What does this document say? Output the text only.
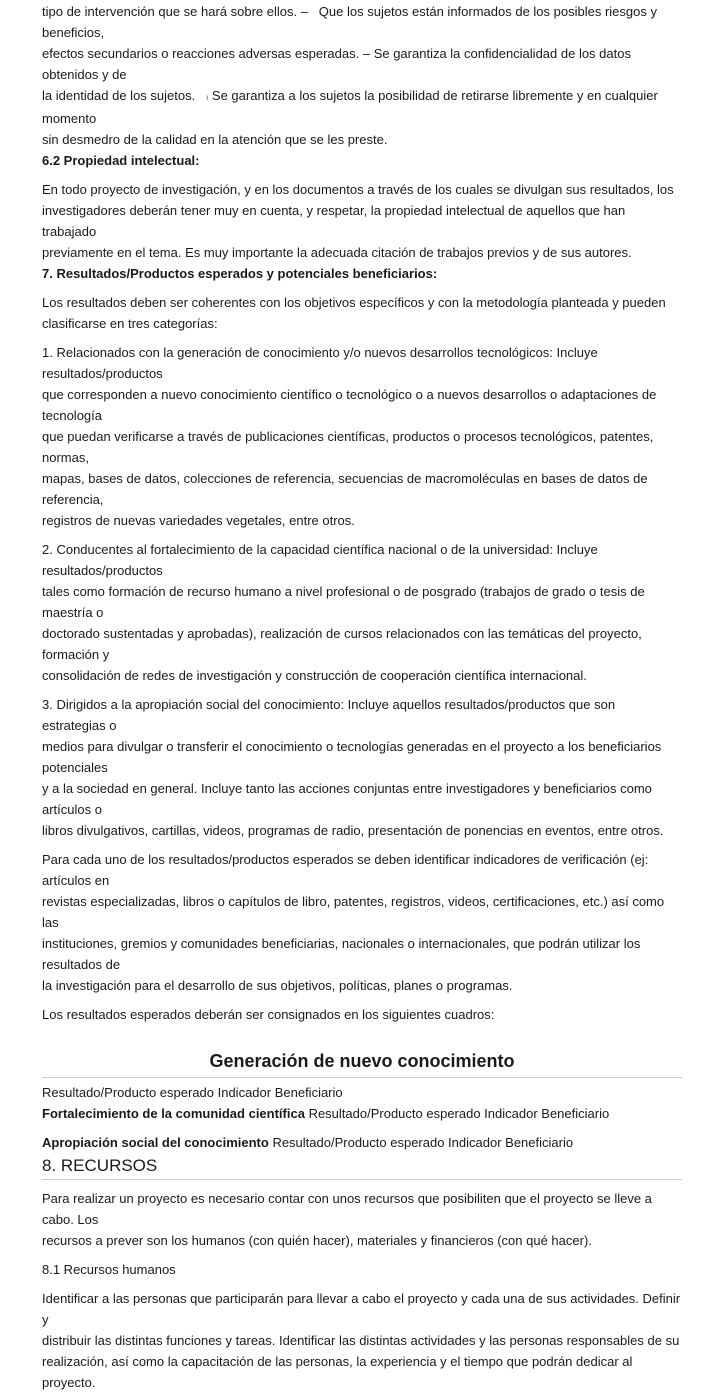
tipo de intervención que se hará sobre ellos. – Que los sujetos están informados de los posibles riesgos y beneficios,

efectos secundarios o reacciones adversas esperadas. – Se garantiza la confidencialidad de los datos obtenidos y de

la identidad de los sujetos. ı Se garantiza a los sujetos la posibilidad de retirarse libremente y en cualquier momento

sin desmedro de la calidad en la atención que se les preste.

6.2 Propiedad intelectual:

En todo proyecto de investigación, y en los documentos a través de los cuales se divulgan sus resultados, los

investigadores deberán tener muy en cuenta, y respetar, la propiedad intelectual de aquellos que han trabajado

previamente en el tema. Es muy importante la adecuada citación de trabajos previos y de sus autores.

7. Resultados/Productos esperados y potenciales beneficiarios:

Los resultados deben ser coherentes con los objetivos específicos y con la metodología planteada y pueden

clasificarse en tres categorías:

1. Relacionados con la generación de conocimiento y/o nuevos desarrollos tecnológicos: Incluye resultados/productos

que corresponden a nuevo conocimiento científico o tecnológico o a nuevos desarrollos o adaptaciones de tecnología

que puedan verificarse a través de publicaciones científicas, productos o procesos tecnológicos, patentes, normas,

mapas, bases de datos, colecciones de referencia, secuencias de macromoléculas en bases de datos de referencia,

registros de nuevas variedades vegetales, entre otros.

2. Conducentes al fortalecimiento de la capacidad científica nacional o de la universidad: Incluye resultados/productos

tales como formación de recurso humano a nivel profesional o de posgrado (trabajos de grado o tesis de maestría o

doctorado sustentadas y aprobadas), realización de cursos relacionados con las temáticas del proyecto, formación y

consolidación de redes de investigación y construcción de cooperación científica internacional.

3. Dirigidos a la apropiación social del conocimiento: Incluye aquellos resultados/productos que son estrategias o

medios para divulgar o transferir el conocimiento o tecnologías generadas en el proyecto a los beneficiarios potenciales

y a la sociedad en general. Incluye tanto las acciones conjuntas entre investigadores y beneficiarios como artículos o

libros divulgativos, cartillas, videos, programas de radio, presentación de ponencias en eventos, entre otros.

Para cada uno de los resultados/productos esperados se deben identificar indicadores de verificación (ej: artículos en

revistas especializadas, libros o capítulos de libro, patentes, registros, videos, certificaciones, etc.) así como las

instituciones, gremios y comunidades beneficiarias, nacionales o internacionales, que podrán utilizar los resultados de

la investigación para el desarrollo de sus objetivos, políticas, planes o programas.

Los resultados esperados deberán ser consignados en los siguientes cuadros:

Generación de nuevo conocimiento

Resultado/Producto esperado Indicador Beneficiario

Fortalecimiento de la comunidad científica Resultado/Producto esperado Indicador Beneficiario

Apropiación social del conocimiento Resultado/Producto esperado Indicador Beneficiario

8. RECURSOS

Para realizar un proyecto es necesario contar con unos recursos que posibiliten que el proyecto se lleve a cabo. Los

recursos a prever son los humanos (con quién hacer), materiales y financieros (con qué hacer).

8.1 Recursos humanos

Identificar a las personas que participarán para llevar a cabo el proyecto y cada una de sus actividades. Definir y

distribuir las distintas funciones y tareas. Identificar las distintas actividades y las personas responsables de su

realización, así como la capacitación de las personas, la experiencia y el tiempo que podrán dedicar al proyecto.
